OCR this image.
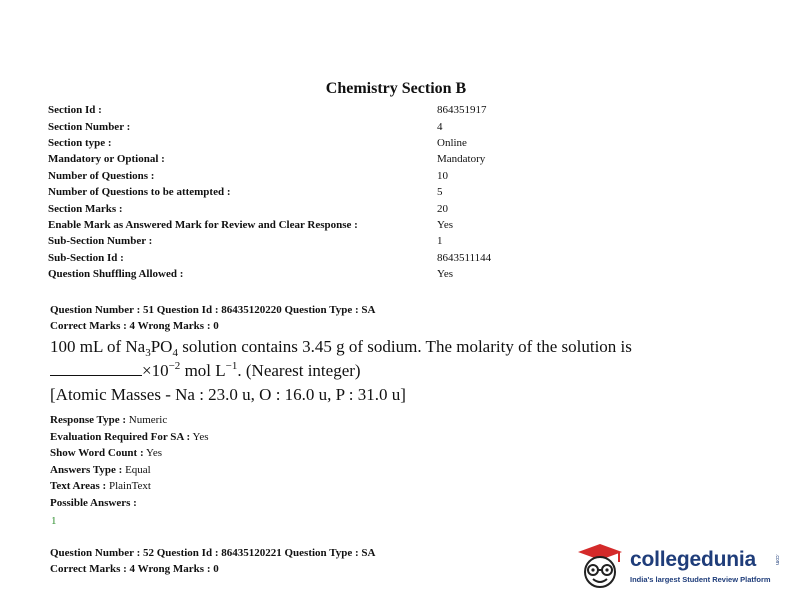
Chemistry Section B
Section Id :	864351917
Section Number :	4
Section type :	Online
Mandatory or Optional :	Mandatory
Number of Questions :	10
Number of Questions to be attempted :	5
Section Marks :	20
Enable Mark as Answered Mark for Review and Clear Response :	Yes
Sub-Section Number :	1
Sub-Section Id :	8643511144
Question Shuffling Allowed :	Yes
Question Number : 51 Question Id : 86435120220 Question Type : SA
Correct Marks : 4 Wrong Marks : 0
100 mL of $Na_3PO_4$ solution contains 3.45 g of sodium. The molarity of the solution is
$\times 10^{-2}$ mol $L^{-1}$. (Nearest integer)
[Atomic Masses - Na : 23.0 u, O : 16.0 u, P : 31.0 u]
Response Type : Numeric
Evaluation Required For SA : Yes
Show Word Count : Yes
Answers Type : Equal
Text Areas : PlainText
Possible Answers :
1
Question Number : 52 Question Id : 86435120221 Question Type : SA
Correct Marks : 4 Wrong Marks : 0	collegedunia	.com
India's largest Student Review Platform
